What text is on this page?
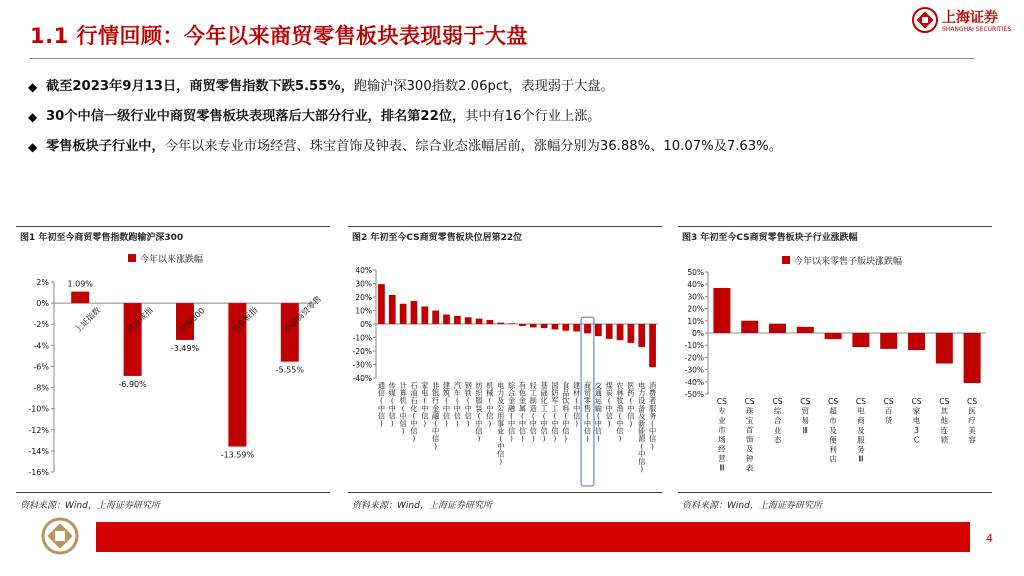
1.1 行情回顾：今年以来商贸零售板块表现弱于大盘
上海证券
SHANGHAI SECURITIES
◆ 截至2023年9月13日，商贸零售指数下跌5.55%，跑输沪深300指数2.06pct，表现弱于大盘。
◆ 30个中信一级行业中商贸零售板块表现落后大部分行业，排名第22位，其中有16个行业上涨。
◆ 零售板块子行业中，今年以来专业市场经营、珠宝首饰及钟表、综合业态涨幅居前，涨幅分别为36.88%、10.07%及7.63%。
图1 年初至今商贸零售指数跑输沪深300
今年以来涨跌幅
2%
0%
-2%
-4%
-6%
-8%
-10%
-12%
-14%
-16%
1.09%
上证指数
-6.90%
深证成指
-3.49%
沪深300
-13.59%
创业板指
-5.55%
中信商贸零售
资料来源：Wind，上海证券研究所
图2 年初至今CS商贸零售板块位居第22位
40%
30%
20%
10%
0%
-10%
-20%
-30%
-40%
通信(中信)
传媒(中信)
计算机(中信)
石油石化(中信)
家电(中信)
非银行金融(中信)
建筑(中信)
汽车(中信)
钢铁(中信)
纺织服装(中信)
机械(中信)
电力及公用事业(中信)
综合金融(中信)
有色金属(中信)
轻工制造(中信)
基础化工(中信)
国防军工(中信)
食品饮料(中信)
建材(中信)
商贸零售(中信)
交通运输(中信)
煤炭(中信)
农林牧渔(中信)
医药(中信)
电力设备及新能源(中信)
消费者服务(中信)
资料来源：Wind，上海证券研究所
图3 年初至今CS商贸零售板块子行业涨跌幅
今年以来零售子版块涨跌幅
50%
40%
30%
20%
10%
0%
-10%
-20%
-30%
-40%
-50%
CS 专业市场经营 Ⅲ
CS 珠宝首饰及钟表
CS 综合业态
CS 贸易 Ⅲ
CS 超市及便利店
CS 电商及服务 Ⅲ
CS 百货
CS 家电 3 C
CS 其他连锁
CS 医疗美容
资料来源：Wind，上海证券研究所
4
